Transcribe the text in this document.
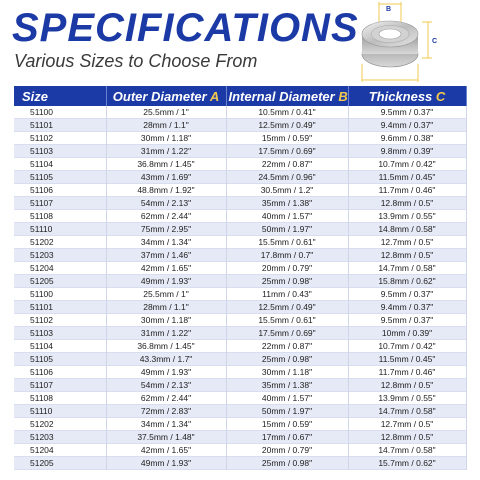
SPECIFICATIONS
Various Sizes to Choose From
B
C
Size	Outer Diameter A	Internal Diameter B	Thickness C
51100	25.5mm / 1"	10.5mm / 0.41"	9.5mm / 0.37"
51101	28mm / 1.1"	12.5mm / 0.49"	9.4mm / 0.37"
51102	30mm / 1.18"	15mm / 0.59"	9.6mm / 0.38"
51103	31mm / 1.22"	17.5mm / 0.69"	9.8mm / 0.39"
51104	36.8mm / 1.45"	22mm / 0.87"	10.7mm / 0.42"
51105	43mm / 1.69"	24.5mm / 0.96"	11.5mm / 0.45"
51106	48.8mm / 1.92"	30.5mm / 1.2"	11.7mm / 0.46"
51107	54mm / 2.13"	35mm / 1.38"	12.8mm / 0.5"
51108	62mm / 2.44"	40mm / 1.57"	13.9mm / 0.55"
51110	75mm / 2.95"	50mm / 1.97"	14.8mm / 0.58"
51202	34mm / 1.34"	15.5mm / 0.61"	12.7mm / 0.5"
51203	37mm / 1.46"	17.8mm / 0.7"	12.8mm / 0.5"
51204	42mm / 1.65"	20mm / 0.79"	14.7mm / 0.58"
51205	49mm / 1.93"	25mm / 0.98"	15.8mm / 0.62"
51100	25.5mm / 1"	11mm / 0.43"	9.5mm / 0.37"
51101	28mm / 1.1"	12.5mm / 0.49"	9.4mm / 0.37"
51102	30mm / 1.18"	15.5mm / 0.61"	9.5mm / 0.37"
51103	31mm / 1.22"	17.5mm / 0.69"	10mm / 0.39"
51104	36.8mm / 1.45"	22mm / 0.87"	10.7mm / 0.42"
51105	43.3mm / 1.7"	25mm / 0.98"	11.5mm / 0.45"
51106	49mm / 1.93"	30mm / 1.18"	11.7mm / 0.46"
51107	54mm / 2.13"	35mm / 1.38"	12.8mm / 0.5"
51108	62mm / 2.44"	40mm / 1.57"	13.9mm / 0.55"
51110	72mm / 2.83"	50mm / 1.97"	14.7mm / 0.58"
51202	34mm / 1.34"	15mm / 0.59"	12.7mm / 0.5"
51203	37.5mm / 1.48"	17mm / 0.67"	12.8mm / 0.5"
51204	42mm / 1.65"	20mm / 0.79"	14.7mm / 0.58"
51205	49mm / 1.93"	25mm / 0.98"	15.7mm / 0.62"
